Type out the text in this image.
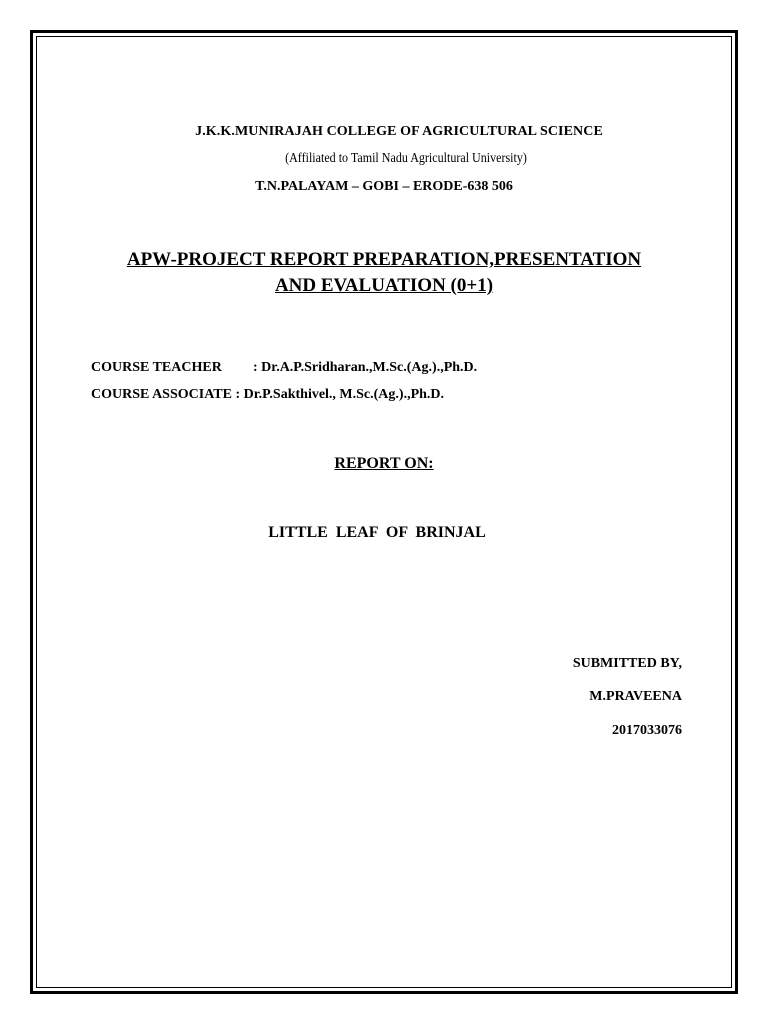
J.K.K.MUNIRAJAH COLLEGE OF AGRICULTURAL SCIENCE
(Affiliated to Tamil Nadu Agricultural University)
T.N.PALAYAM – GOBI – ERODE-638 506
APW-PROJECT REPORT PREPARATION,PRESENTATION
AND EVALUATION (0+1)
COURSE TEACHER : Dr.A.P.Sridharan.,M.Sc.(Ag.).,Ph.D.
COURSE ASSOCIATE : Dr.P.Sakthivel., M.Sc.(Ag.).,Ph.D.
REPORT ON:
LITTLE LEAF OF BRINJAL
SUBMITTED BY,
M.PRAVEENA
2017033076
